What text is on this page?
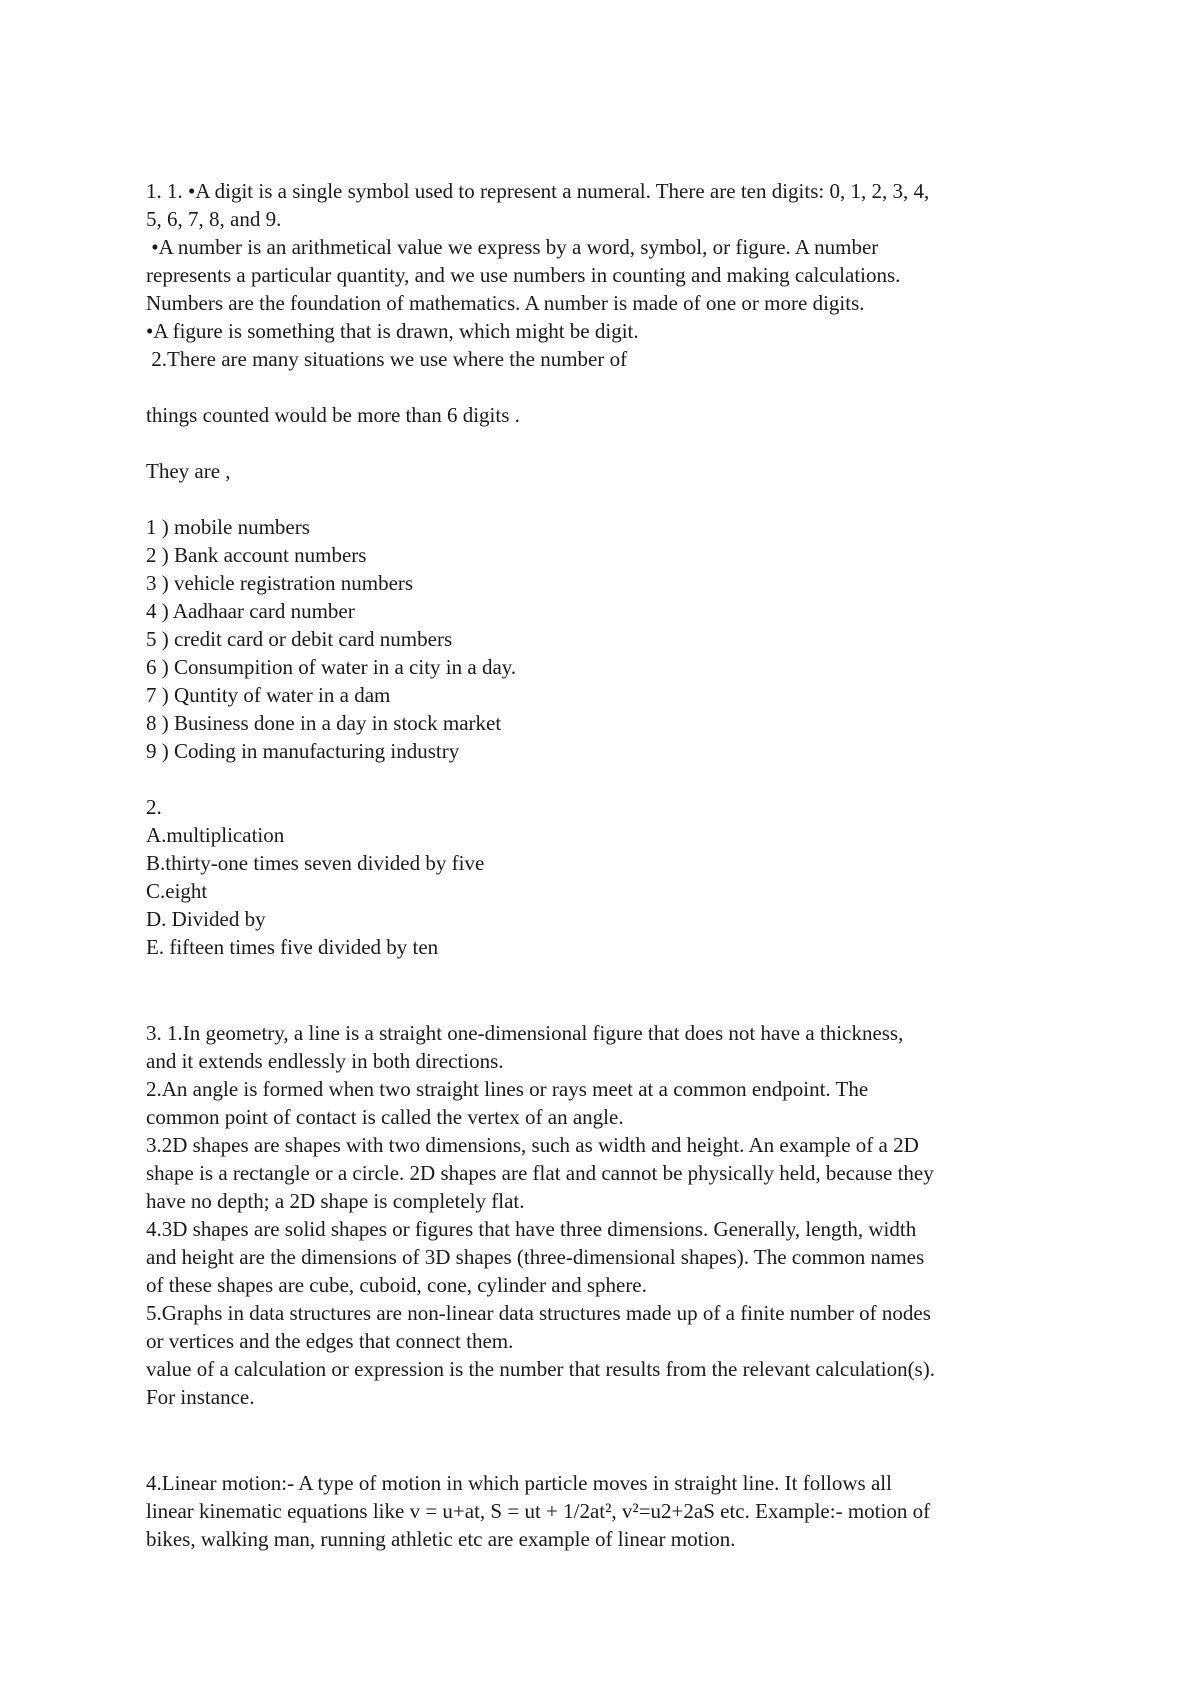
1. 1. •A digit is a single symbol used to represent a numeral. There are ten digits: 0, 1, 2, 3, 4,
5, 6, 7, 8, and 9.
•A number is an arithmetical value we express by a word, symbol, or figure. A number
represents a particular quantity, and we use numbers in counting and making calculations.
Numbers are the foundation of mathematics. A number is made of one or more digits.
•A figure is something that is drawn, which might be digit.
2.There are many situations we use where the number of
things counted would be more than 6 digits .
They are ,
1 ) mobile numbers
2 ) Bank account numbers
3 ) vehicle registration numbers
4 ) Aadhaar card number
5 ) credit card or debit card numbers
6 ) Consumpition of water in a city in a day.
7 ) Quntity of water in a dam
8 ) Business done in a day in stock market
9 ) Coding in manufacturing industry
2.
A.multiplication
B.thirty-one times seven divided by five
C.eight
D. Divided by
E. fifteen times five divided by ten
3. 1.In geometry, a line is a straight one-dimensional figure that does not have a thickness,
and it extends endlessly in both directions.
2.An angle is formed when two straight lines or rays meet at a common endpoint. The
common point of contact is called the vertex of an angle.
3.2D shapes are shapes with two dimensions, such as width and height. An example of a 2D
shape is a rectangle or a circle. 2D shapes are flat and cannot be physically held, because they
have no depth; a 2D shape is completely flat.
4.3D shapes are solid shapes or figures that have three dimensions. Generally, length, width
and height are the dimensions of 3D shapes (three-dimensional shapes). The common names
of these shapes are cube, cuboid, cone, cylinder and sphere.
5.Graphs in data structures are non-linear data structures made up of a finite number of nodes
or vertices and the edges that connect them.
value of a calculation or expression is the number that results from the relevant calculation(s).
For instance.
4.Linear motion:- A type of motion in which particle moves in straight line. It follows all
linear kinematic equations like v = u+at, S = ut + 1/2at², v²=u2+2aS etc. Example:- motion of
bikes, walking man, running athletic etc are example of linear motion.
